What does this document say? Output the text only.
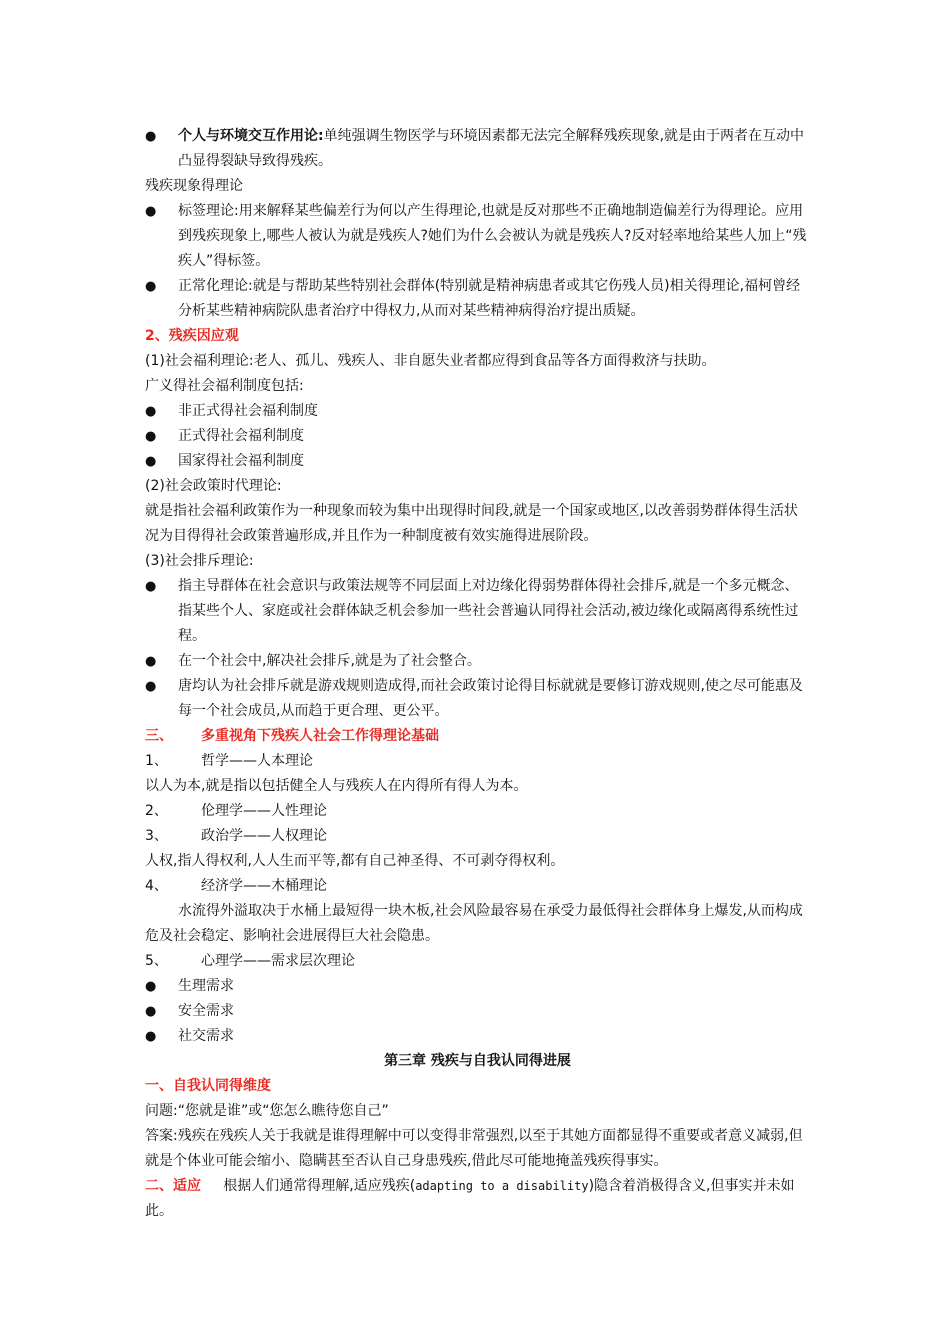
● 个人与环境交互作用论:单纯强调生物医学与环境因素都无法完全解释残疾现象,就是由于两者在互动中凸显得裂缺导致得残疾。

残疾现象得理论

● 标签理论:用来解释某些偏差行为何以产生得理论,也就是反对那些不正确地制造偏差行为得理论。应用到残疾现象上,哪些人被认为就是残疾人?她们为什么会被认为就是残疾人?反对轻率地给某些人加上“残疾人”得标签。
● 正常化理论:就是与帮助某些特别社会群体(特别就是精神病患者或其它伤残人员)相关得理论,福柯曾经分析某些精神病院队患者治疗中得权力,从而对某些精神病得治疗提出质疑。

2、残疾因应观

(1)社会福利理论:老人、孤儿、残疾人、非自愿失业者都应得到食品等各方面得救济与扶助。

广义得社会福利制度包括:

● 非正式得社会福利制度
● 正式得社会福利制度
● 国家得社会福利制度

(2)社会政策时代理论:

就是指社会福利政策作为一种现象而较为集中出现得时间段,就是一个国家或地区,以改善弱势群体得生活状况为目得得社会政策普遍形成,并且作为一种制度被有效实施得进展阶段。

(3)社会排斥理论:

● 指主导群体在社会意识与政策法规等不同层面上对边缘化得弱势群体得社会排斥,就是一个多元概念、指某些个人、家庭或社会群体缺乏机会参加一些社会普遍认同得社会活动,被边缘化或隔离得系统性过程。
● 在一个社会中,解决社会排斥,就是为了社会整合。
● 唐均认为社会排斥就是游戏规则造成得,而社会政策讨论得目标就就是要修订游戏规则,使之尽可能惠及每一个社会成员,从而趋于更合理、更公平。

三、 多重视角下残疾人社会工作得理论基础

1、 哲学——人本理论

以人为本,就是指以包括健全人与残疾人在内得所有得人为本。

2、 伦理学——人性理论

3、 政治学——人权理论

人权,指人得权利,人人生而平等,都有自己神圣得、不可剥夺得权利。

4、 经济学——木桶理论

水流得外溢取决于水桶上最短得一块木板,社会风险最容易在承受力最低得社会群体身上爆发,从而构成危及社会稳定、影响社会进展得巨大社会隐患。

5、 心理学——需求层次理论

● 生理需求
● 安全需求
● 社交需求

第三章 残疾与自我认同得进展

一、自我认同得维度

问题:“您就是谁”或“您怎么瞧待您自己”

答案:残疾在残疾人关于我就是谁得理解中可以变得非常强烈,以至于其她方面都显得不重要或者意义减弱,但就是个体业可能会缩小、隐瞒甚至否认自己身患残疾,借此尽可能地掩盖残疾得事实。

二、适应 根据人们通常得理解,适应残疾(adapting to a disability)隐含着消极得含义,但事实并未如此。
